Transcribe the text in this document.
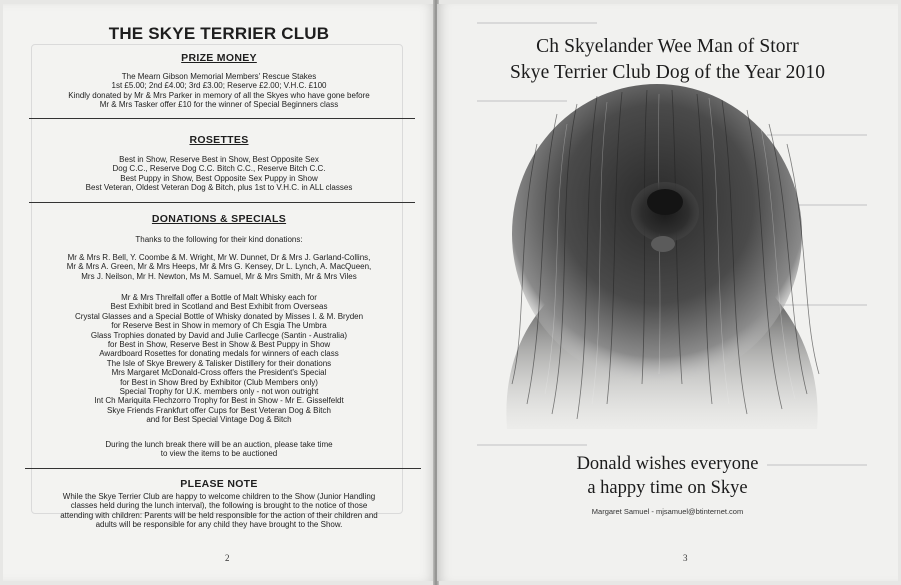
THE SKYE TERRIER CLUB
PRIZE MONEY
The Mearn Gibson Memorial Members' Rescue Stakes
1st £5.00; 2nd £4.00; 3rd £3.00; Reserve £2.00; V.H.C. £100
Kindly donated by Mr & Mrs Parker in memory of all the Skyes who have gone before
Mr & Mrs Tasker offer £10 for the winner of Special Beginners class
ROSETTES
Best in Show, Reserve Best in Show, Best Opposite Sex
Dog C.C., Reserve Dog C.C. Bitch C.C., Reserve Bitch C.C.
Best Puppy in Show, Best Opposite Sex Puppy in Show
Best Veteran, Oldest Veteran Dog & Bitch, plus 1st to V.H.C. in ALL classes
DONATIONS & SPECIALS
Thanks to the following for their kind donations:
Mr & Mrs R. Bell, Y. Coombe & M. Wright, Mr W. Dunnet, Dr & Mrs J. Garland-Collins,
Mr & Mrs A. Green, Mr & Mrs Heeps, Mr & Mrs G. Kensey, Dr L. Lynch, A. MacQueen,
Mrs J. Neilson, Mr H. Newton, Ms M. Samuel, Mr & Mrs Smith, Mr & Mrs Viles
Mr & Mrs Threlfall offer a Bottle of Malt Whisky each for
Best Exhibit bred in Scotland and Best Exhibit from Overseas
Crystal Glasses and a Special Bottle of Whisky donated by Misses I. & M. Bryden
for Reserve Best in Show in memory of Ch Esgia The Umbra
Glass Trophies donated by David and Julie Carllecge (Santin - Australia)
for Best in Show, Reserve Best in Show & Best Puppy in Show
Awardboard Rosettes for donating medals for winners of each class
The Isle of Skye Brewery & Talisker Distillery for their donations
Mrs Margaret McDonald-Cross offers the President's Special
for Best in Show Bred by Exhibitor (Club Members only)
Special Trophy for U.K. members only - not won outright
Int Ch Mariquita Flechzorro Trophy for Best in Show - Mr E. Gisselfeldt
Skye Friends Frankfurt offer Cups for Best Veteran Dog & Bitch
and for Best Special Vintage Dog & Bitch
During the lunch break there will be an auction, please take time
to view the items to be auctioned
PLEASE NOTE
While the Skye Terrier Club are happy to welcome children to the Show (Junior Handling
classes held during the lunch interval), the following is brought to the notice of those
attending with children: Parents will be held responsible for the action of their children and
adults will be responsible for any child they have brought to the Show.
2
Ch Skyelander Wee Man of Storr
Skye Terrier Club Dog of the Year 2010
Donald wishes everyone
a happy time on Skye
Margaret Samuel - mjsamuel@btinternet.com
3
